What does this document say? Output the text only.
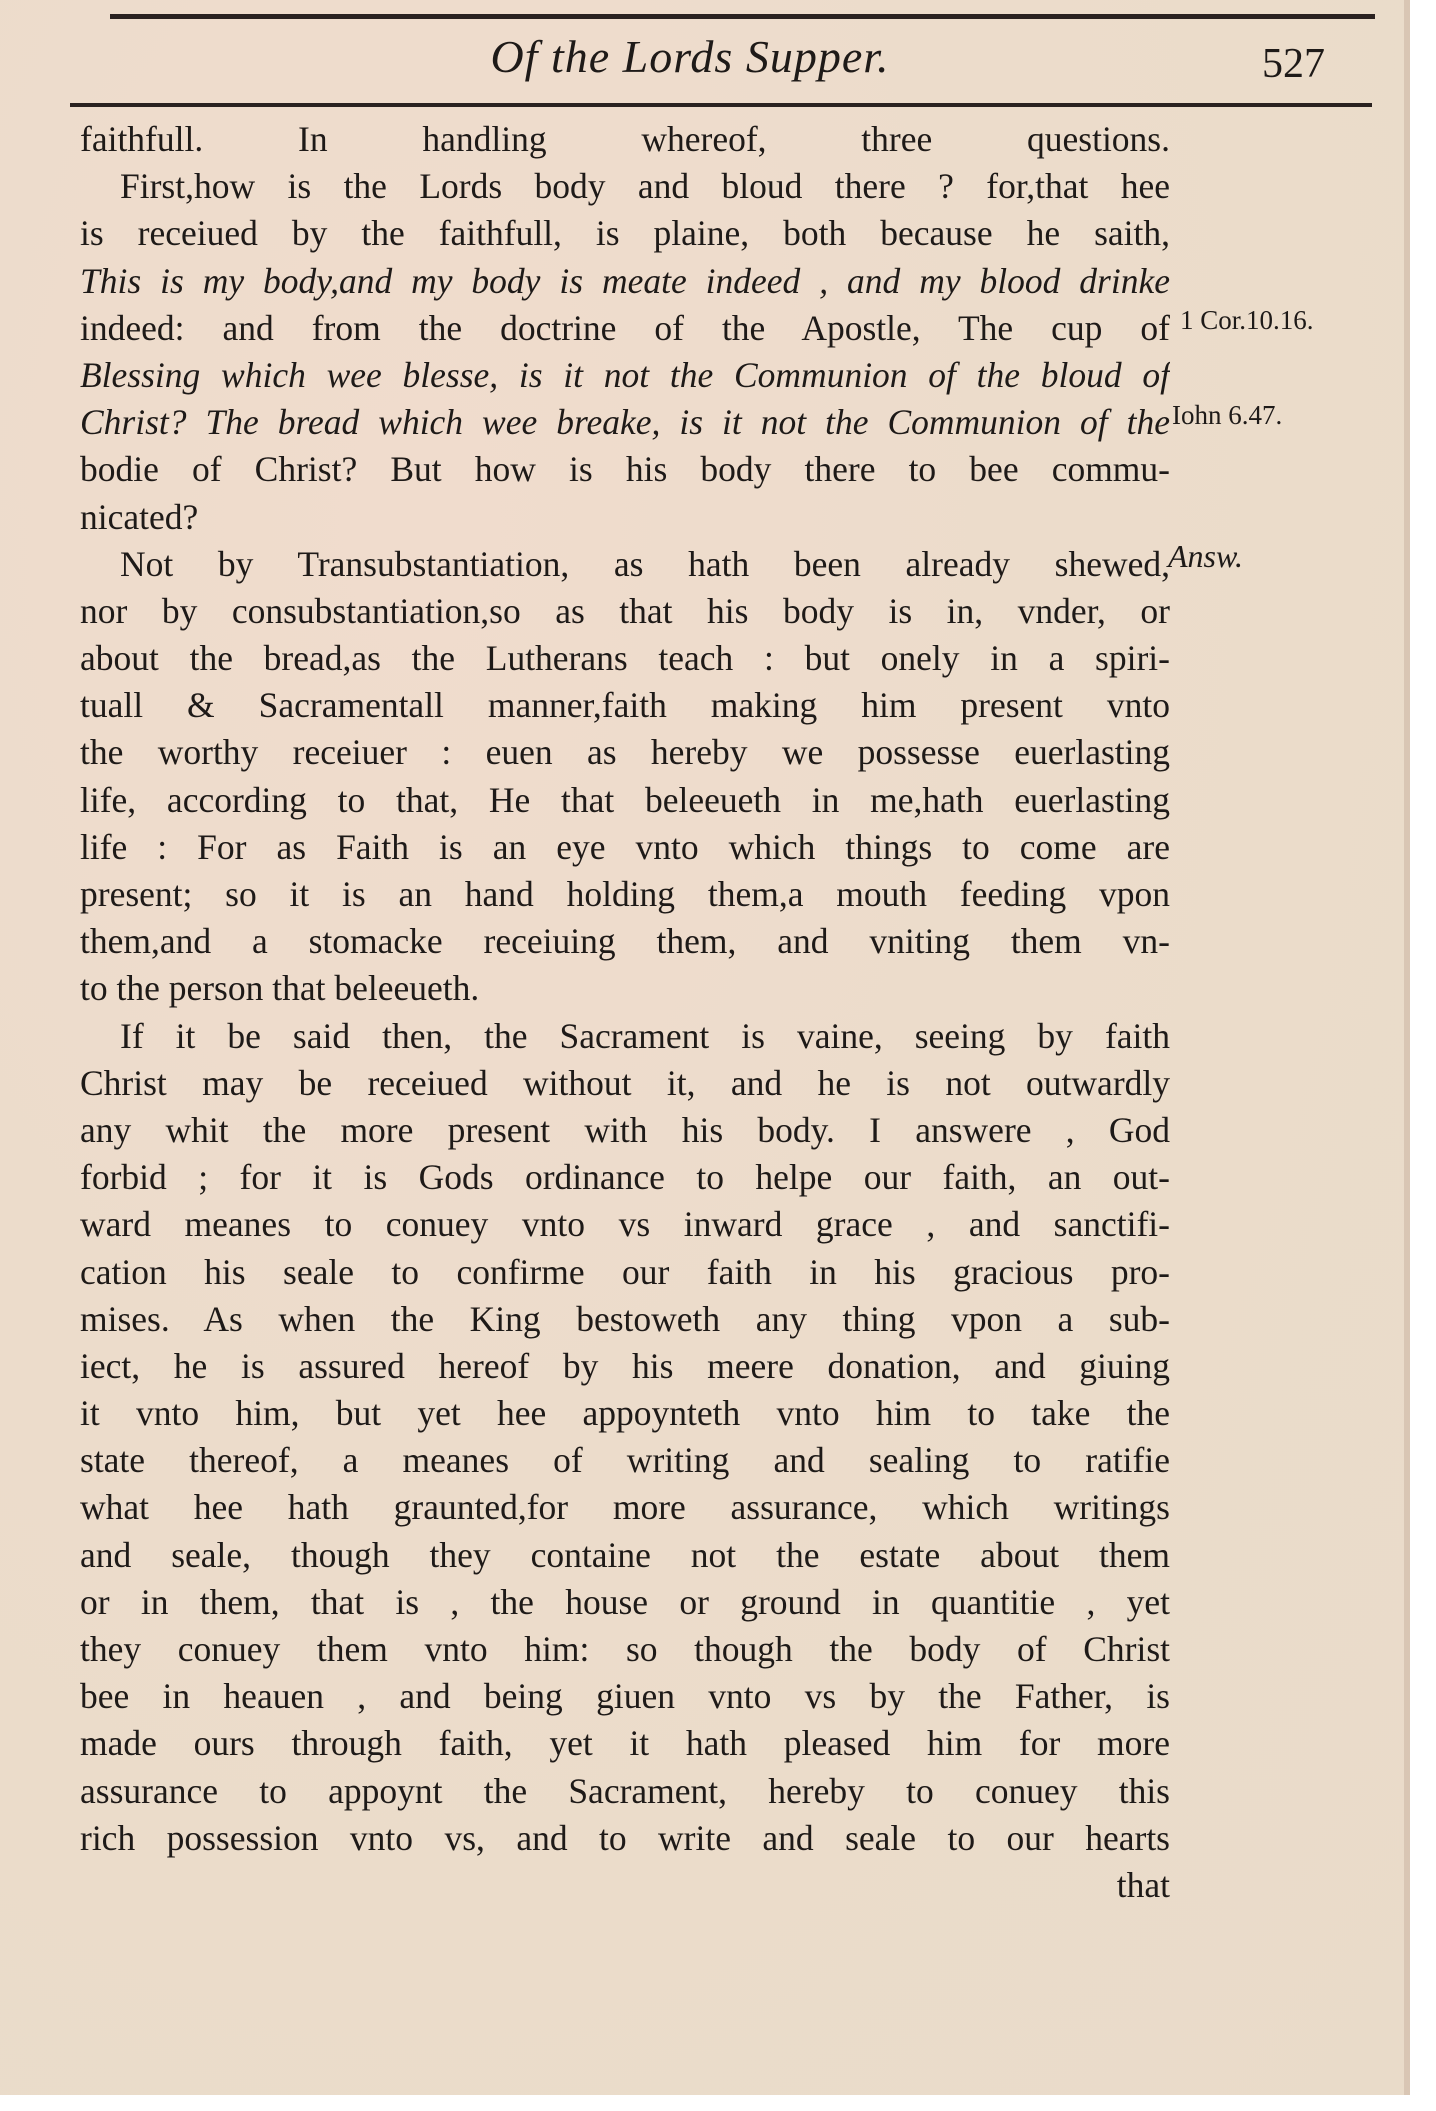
Of the Lords Supper.	527
faithfull. In handling whereof, three questions.
First,how is the Lords body and bloud there ? for,that hee
is receiued by the faithfull, is plaine, both because he saith,
This is my body,and my body is meate indeed , and my blood drinke
indeed: and from the doctrine of the Apostle, The cup of
Blessing which wee blesse, is it not the Communion of the bloud of
Christ? The bread which wee breake, is it not the Communion of the
bodie of Christ? But how is his body there to bee commu-
nicated?
Not by Transubstantiation, as hath been already shewed,
nor by consubstantiation,so as that his body is in, vnder, or
about the bread,as the Lutherans teach : but onely in a spiri-
tuall & Sacramentall manner,faith making him present vnto
the worthy receiuer : euen as hereby we possesse euerlasting
life, according to that, He that beleeueth in me,hath euerlasting
life : For as Faith is an eye vnto which things to come are
present; so it is an hand holding them,a mouth feeding vpon
them,and a stomacke receiuing them, and vniting them vn-
to the person that beleeueth.
If it be said then, the Sacrament is vaine, seeing by faith
Christ may be receiued without it, and he is not outwardly
any whit the more present with his body. I answere , God
forbid ; for it is Gods ordinance to helpe our faith, an out-
ward meanes to conuey vnto vs inward grace , and sanctifi-
cation his seale to confirme our faith in his gracious pro-
mises. As when the King bestoweth any thing vpon a sub-
iect, he is assured hereof by his meere donation, and giuing
it vnto him, but yet hee appoynteth vnto him to take the
state thereof, a meanes of writing and sealing to ratifie
what hee hath graunted,for more assurance, which writings
and seale, though they containe not the estate about them
or in them, that is , the house or ground in quantitie , yet
they conuey them vnto him: so though the body of Christ
bee in heauen , and being giuen vnto vs by the Father, is
made ours through faith, yet it hath pleased him for more
assurance to appoynt the Sacrament, hereby to conuey this
rich possession vnto vs, and to write and seale to our hearts
that
1 Cor.10.16.
Iohn 6.47.
Answ.
